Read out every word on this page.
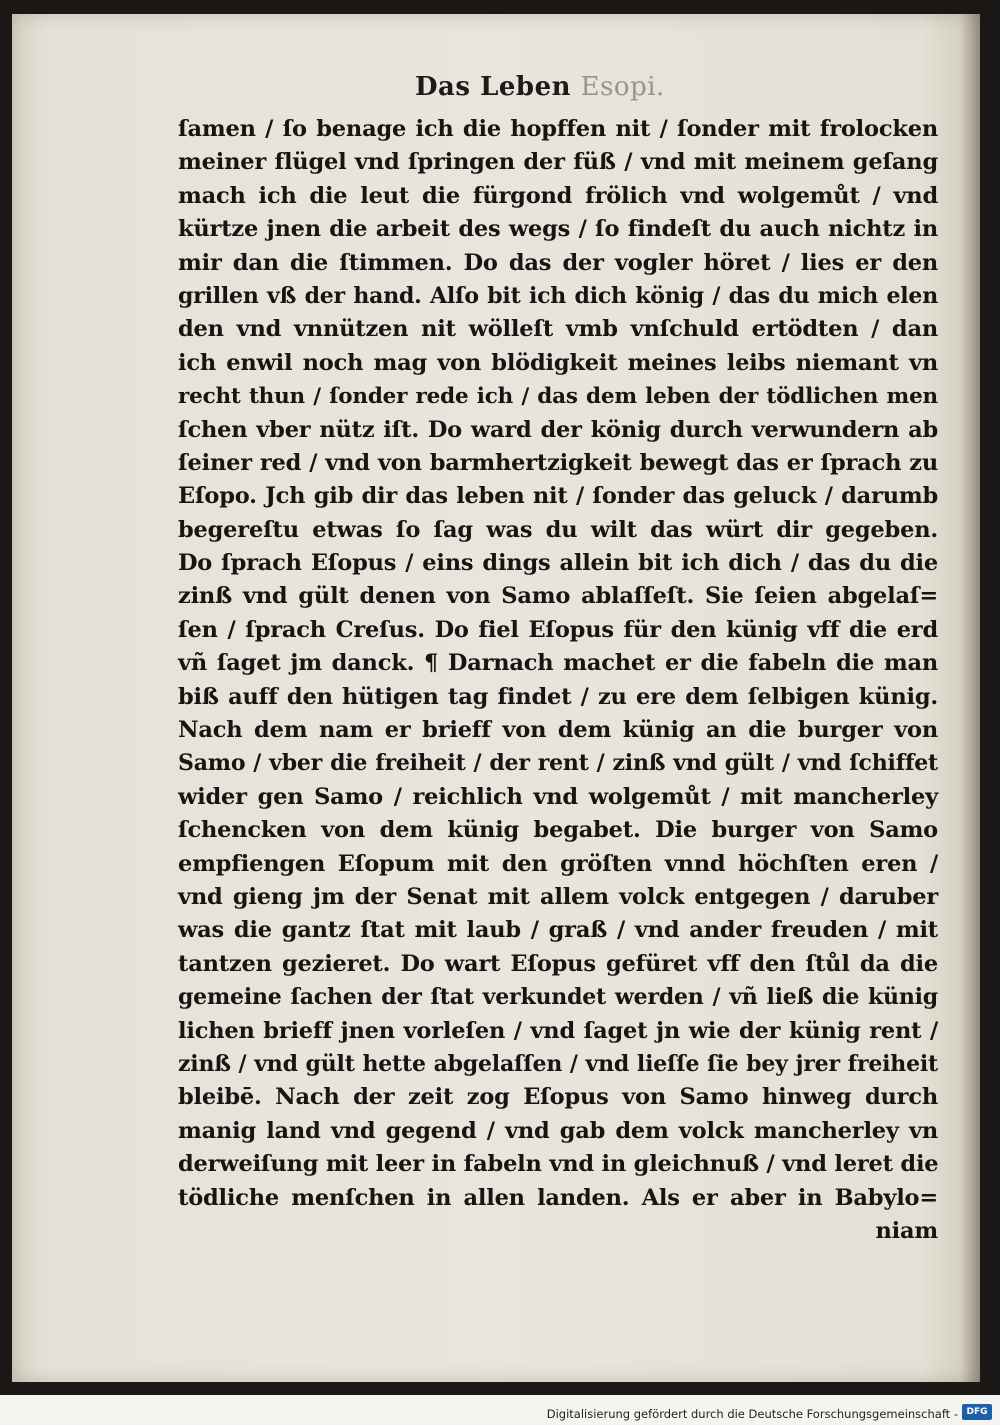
Das Leben Esopi.
ſamen / ſo benage ich die hopffen nit / ſonder mit frolocken
meiner flügel vnd ſpringen der füß / vnd mit meinem geſang
mach ich die leut die fürgond frölich vnd wolgemůt / vnd
kürtze jnen die arbeit des wegs / ſo findeſt du auch nichtz in
mir dan die ſtimmen. Do das der vogler höret / lies er den
grillen vß der hand. Alſo bit ich dich könig / das du mich elen
den vnd vnnützen nit wölleſt vmb vnſchuld ertödten / dan
ich enwil noch mag von blödigkeit meines leibs niemant vn
recht thun / ſonder rede ich / das dem leben der tödlichen men
ſchen vber nütz iſt. Do ward der könig durch verwundern ab
ſeiner red / vnd von barmhertzigkeit bewegt das er ſprach zu
Eſopo. Jch gib dir das leben nit / ſonder das geluck / darumb
begereſtu etwas ſo ſag was du wilt das würt dir gegeben.
Do ſprach Eſopus / eins dings allein bit ich dich / das du die
zinß vnd gült denen von Samo ablaſſeſt. Sie ſeien abgelaſ=
ſen / ſprach Creſus. Do fiel Eſopus für den künig vff die erd
vñ ſaget jm danck. ¶ Darnach machet er die fabeln die man
biß auff den hütigen tag findet / zu ere dem ſelbigen künig.
Nach dem nam er brieff von dem künig an die burger von
Samo / vber die freiheit / der rent / zinß vnd gült / vnd ſchiffet
wider gen Samo / reichlich vnd wolgemůt / mit mancherley
ſchencken von dem künig begabet. Die burger von Samo
empfiengen Eſopum mit den gröſten vnnd höchſten eren /
vnd gieng jm der Senat mit allem volck entgegen / daruber
was die gantz ſtat mit laub / graß / vnd ander freuden / mit
tantzen gezieret. Do wart Eſopus gefüret vff den ſtůl da die
gemeine ſachen der ſtat verkundet werden / vñ ließ die künig
lichen brieff jnen vorleſen / vnd ſaget jn wie der künig rent /
zinß / vnd gült hette abgelaſſen / vnd lieſſe ſie bey jrer freiheit
bleibē. Nach der zeit zog Eſopus von Samo hinweg durch
manig land vnd gegend / vnd gab dem volck mancherley vn
derweiſung mit leer in fabeln vnd in gleichnuß / vnd leret die
tödliche menſchen in allen landen. Als er aber in Babylo=
niam
Digitalisierung gefördert durch die Deutsche Forschungsgemeinschaft - DFG
